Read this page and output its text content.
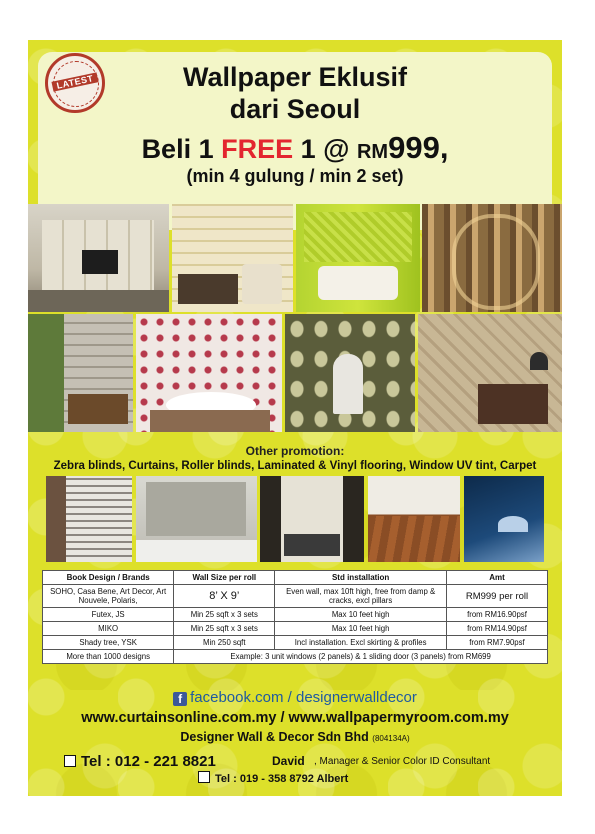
LATEST	Wallpaper Eklusif
dari Seoul
Beli 1 FREE 1 @ RM999,
(min 4 gulung / min 2 set)
Other promotion:
Zebra blinds, Curtains, Roller blinds, Laminated & Vinyl flooring, Window UV tint, Carpet
Book Design / Brands	Wall Size per roll	Std installation	Amt
SOHO, Casa Bene, Art Decor, Art Nouvele, Polaris,	8’ X 9’	Even wall, max 10ft high, free from damp & cracks, excl pillars	RM999 per roll
Futex, JS	Min 25 sqft x 3 sets	Max 10 feet high	from RM16.90psf
MIKO	Min 25 sqft x 3 sets	Max 10 feet high	from RM14.90psf
Shady tree, YSK	Min 250 sqft	Incl installation. Excl skirting & profiles	from RM7.90psf
More than 1000 designs	Example: 3 unit windows (2 panels) & 1 sliding door (3 panels) from RM699		
f facebook.com / designerwalldecor
www.curtainsonline.com.my / www.wallpapermyroom.com.my
Designer Wall & Decor Sdn Bhd (804134A)
Tel : 012 - 221 8821	David , Manager & Senior Color ID Consultant
Tel : 019 - 358 8792 Albert
